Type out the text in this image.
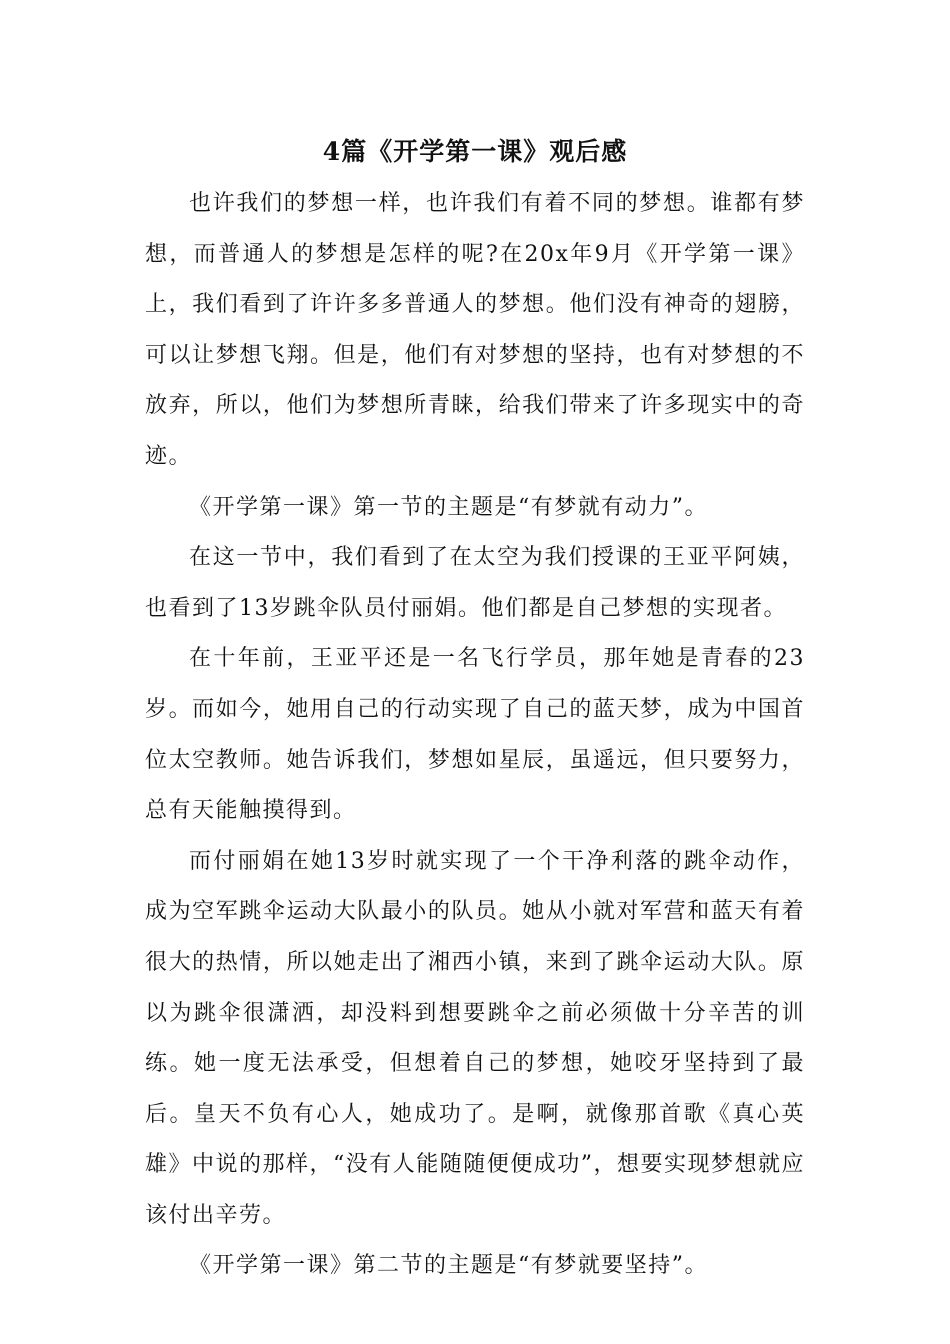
4篇《开学第一课》观后感

也许我们的梦想一样，也许我们有着不同的梦想。谁都有梦想，而普通人的梦想是怎样的呢?在20x年9月《开学第一课》上，我们看到了许许多多普通人的梦想。他们没有神奇的翅膀，可以让梦想飞翔。但是，他们有对梦想的坚持，也有对梦想的不放弃，所以，他们为梦想所青睐，给我们带来了许多现实中的奇迹。

《开学第一课》第一节的主题是“有梦就有动力”。

在这一节中，我们看到了在太空为我们授课的王亚平阿姨，也看到了13岁跳伞队员付丽娟。他们都是自己梦想的实现者。

在十年前，王亚平还是一名飞行学员，那年她是青春的23岁。而如今，她用自己的行动实现了自己的蓝天梦，成为中国首位太空教师。她告诉我们，梦想如星辰，虽遥远，但只要努力，总有天能触摸得到。

而付丽娟在她13岁时就实现了一个干净利落的跳伞动作，成为空军跳伞运动大队最小的队员。她从小就对军营和蓝天有着很大的热情，所以她走出了湘西小镇，来到了跳伞运动大队。原以为跳伞很潇洒，却没料到想要跳伞之前必须做十分辛苦的训练。她一度无法承受，但想着自己的梦想，她咬牙坚持到了最后。皇天不负有心人，她成功了。是啊，就像那首歌《真心英雄》中说的那样，“没有人能随随便便成功”，想要实现梦想就应该付出辛劳。

《开学第一课》第二节的主题是“有梦就要坚持”。
